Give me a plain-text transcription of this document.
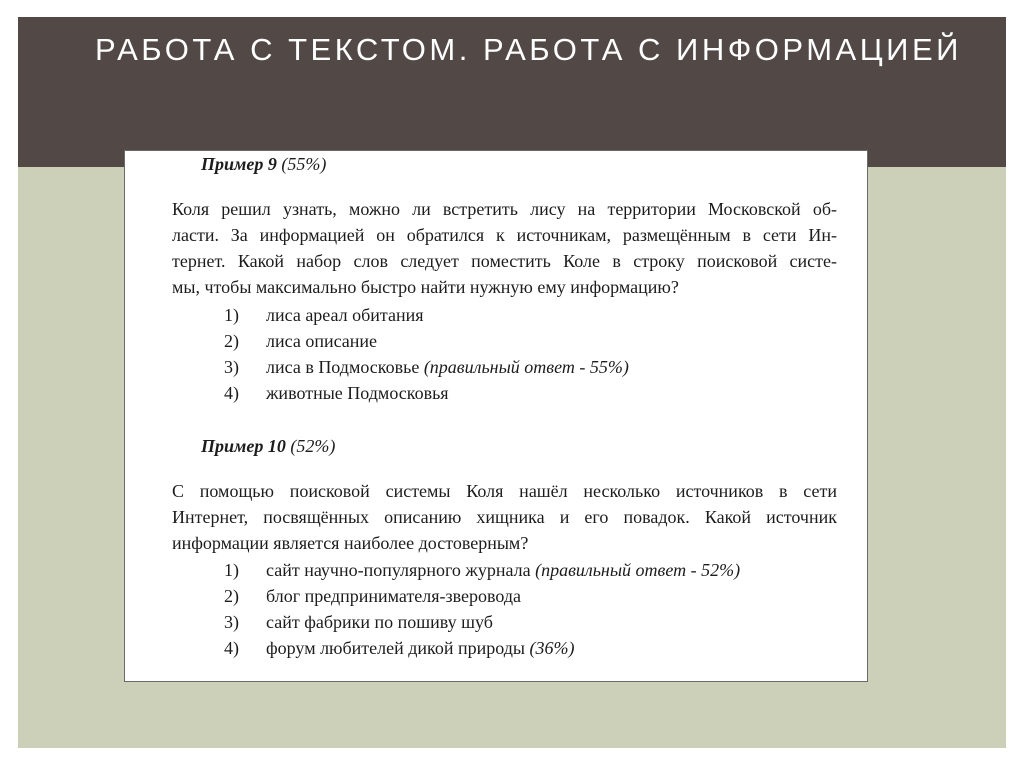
РАБОТА С ТЕКСТОМ. РАБОТА С ИНФОРМАЦИЕЙ
Пример 9 (55%)
Коля решил узнать, можно ли встретить лису на территории Московской об-
ласти. За информацией он обратился к источникам, размещённым в сети Ин-
тернет. Какой набор слов следует поместить Коле в строку поисковой систе-
мы, чтобы максимально быстро найти нужную ему информацию?
1) лиса ареал обитания
2) лиса описание
3) лиса в Подмосковье (правильный ответ - 55%)
4) животные Подмосковья
Пример 10 (52%)
С помощью поисковой системы Коля нашёл несколько источников в сети
Интернет, посвящённых описанию хищника и его повадок. Какой источник
информации является наиболее достоверным?
1) сайт научно-популярного журнала (правильный ответ - 52%)
2) блог предпринимателя-зверовода
3) сайт фабрики по пошиву шуб
4) форум любителей дикой природы (36%)
